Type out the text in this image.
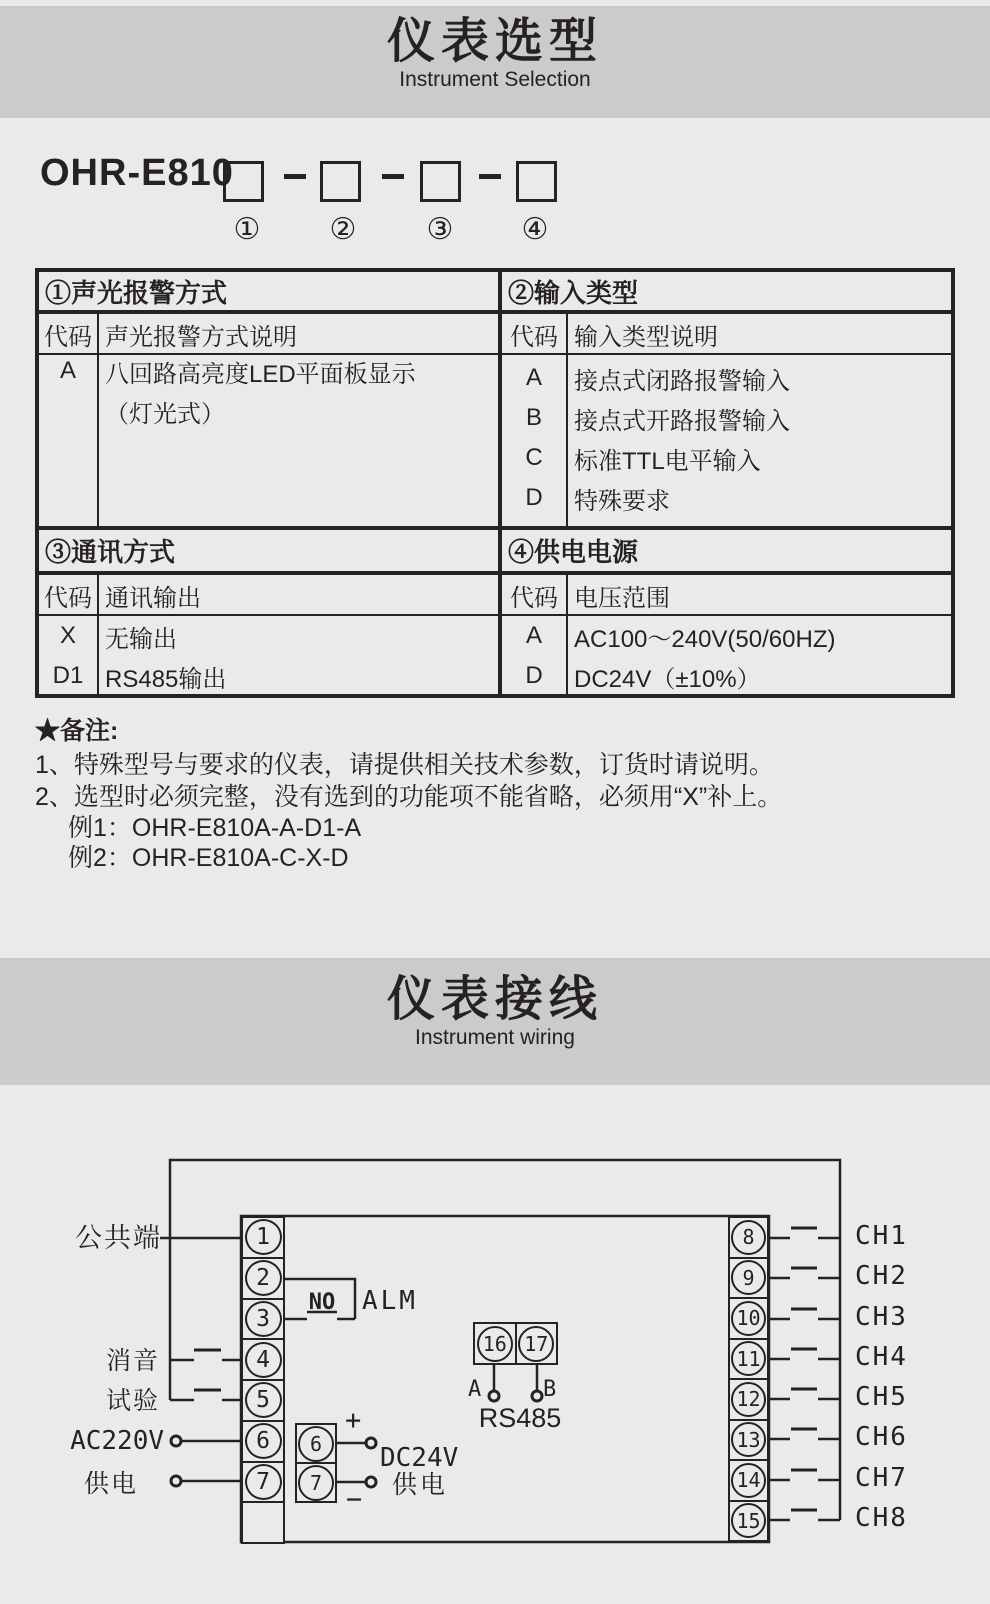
仪表选型
Instrument Selection
OHR-E810
① ② ③ ④
①声光报警方式
代码 声光报警方式说明
A	八回路高亮度LED平面板显示
（灯光式）
②输入类型
代码 输入类型说明
A	接点式闭路报警输入
B	接点式开路报警输入
C	标准TTL电平输入
D	特殊要求
③通讯方式
代码 通讯输出
X	无输出
D1 RS485输出
④供电电源
代码 电压范围
A	AC100～240V(50/60HZ)
D	DC24V（±10%）
★备注:
1、特殊型号与要求的仪表，请提供相关技术参数，订货时请说明。
2、选型时必须完整，没有选到的功能项不能省略，必须用“X”补上。
例1：OHR-E810A-A-D1-A
例2：OHR-E810A-C-X-D
仪表接线
Instrument wiring
1
2
3
4
5
6
7
8
9
10
11
12
13
14
15
6
7
16 17
公共端
消音
试验
AC220V
供电
NO ALM
+
−
DC24V
供电
A	B
RS485
CH1
CH2
CH3
CH4
CH5
CH6
CH7
CH8
